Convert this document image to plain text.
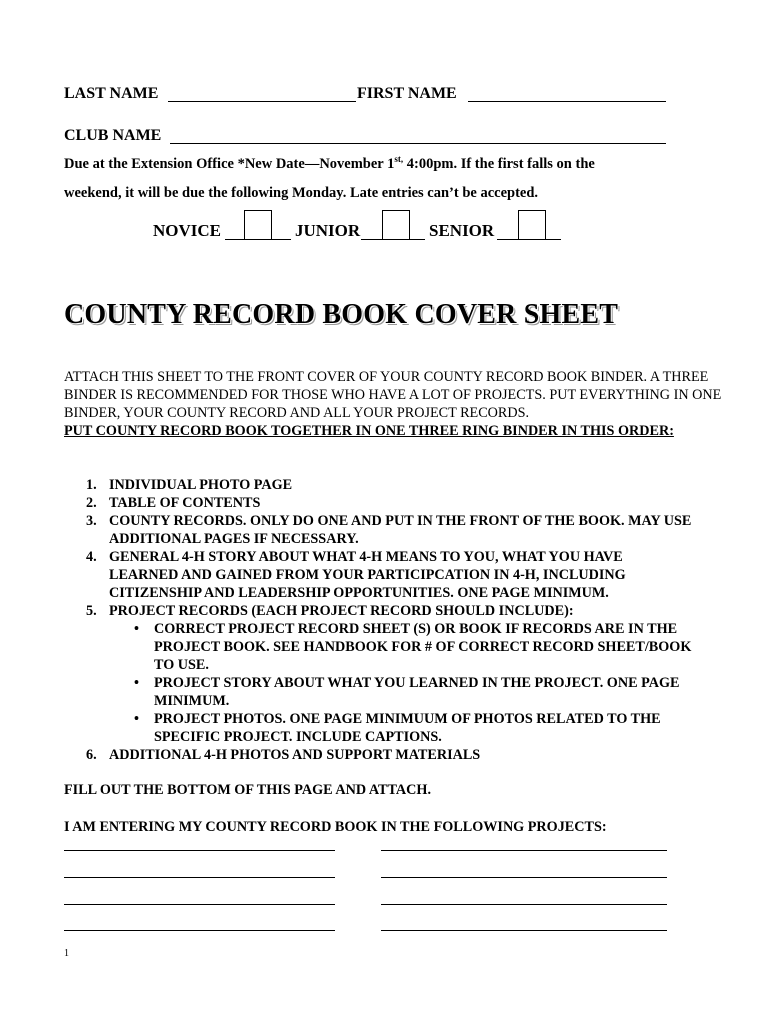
LAST NAME	FIRST NAME
CLUB NAME
Due at the Extension Office *New Date—November $1^{st,}$ 4:00pm. If the first falls on the
weekend, it will be due the following Monday. Late entries can’t be accepted.
NOVICE	JUNIOR	SENIOR
COUNTY RECORD BOOK COVER SHEET
ATTACH THIS SHEET TO THE FRONT COVER OF YOUR COUNTY RECORD BOOK BINDER. A THREE BINDER IS RECOMMENDED FOR THOSE WHO HAVE A LOT OF PROJECTS. PUT EVERYTHING IN ONE BINDER, YOUR COUNTY RECORD AND ALL YOUR PROJECT RECORDS.
PUT COUNTY RECORD BOOK TOGETHER IN ONE THREE RING BINDER IN THIS ORDER:
1. INDIVIDUAL PHOTO PAGE
2. TABLE OF CONTENTS
3. COUNTY RECORDS. ONLY DO ONE AND PUT IN THE FRONT OF THE BOOK. MAY USE ADDITIONAL PAGES IF NECESSARY.
4. GENERAL 4-H STORY ABOUT WHAT 4-H MEANS TO YOU, WHAT YOU HAVE LEARNED AND GAINED FROM YOUR PARTICIPCATION IN 4-H, INCLUDING CITIZENSHIP AND LEADERSHIP OPPORTUNITIES. ONE PAGE MINIMUM.
5. PROJECT RECORDS (EACH PROJECT RECORD SHOULD INCLUDE):
• CORRECT PROJECT RECORD SHEET (S) OR BOOK IF RECORDS ARE IN THE PROJECT BOOK. SEE HANDBOOK FOR # OF CORRECT RECORD SHEET/BOOK TO USE.
• PROJECT STORY ABOUT WHAT YOU LEARNED IN THE PROJECT. ONE PAGE MINIMUM.
• PROJECT PHOTOS. ONE PAGE MINIMUUM OF PHOTOS RELATED TO THE SPECIFIC PROJECT. INCLUDE CAPTIONS.
6. ADDITIONAL 4-H PHOTOS AND SUPPORT MATERIALS
FILL OUT THE BOTTOM OF THIS PAGE AND ATTACH.
I AM ENTERING MY COUNTY RECORD BOOK IN THE FOLLOWING PROJECTS:
1
